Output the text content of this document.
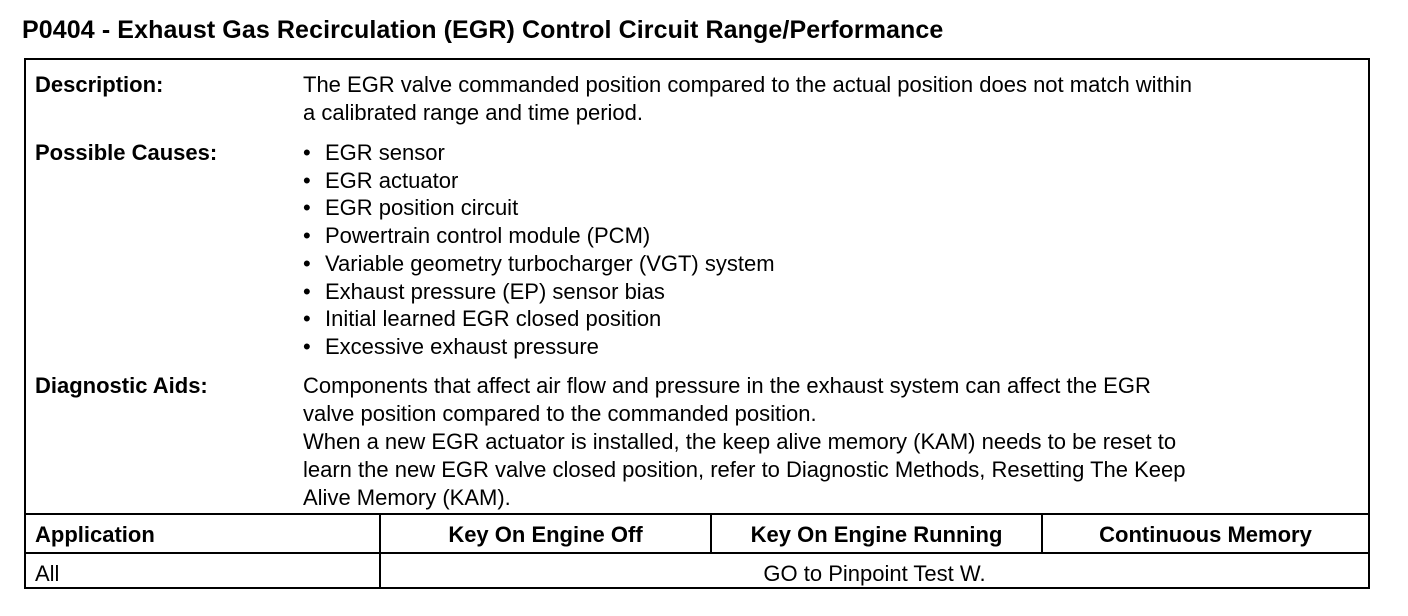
P0404 - Exhaust Gas Recirculation (EGR) Control Circuit Range/Performance
Description:	The EGR valve commanded position compared to the actual position does not match within

a calibrated range and time period.

Possible Causes:
•	EGR sensor
• EGR actuator
• EGR position circuit
• Powertrain control module (PCM)
• Variable geometry turbocharger (VGT) system
• Exhaust pressure (EP) sensor bias
• Initial learned EGR closed position
• Excessive exhaust pressure
Diagnostic Aids:	Components that affect air flow and pressure in the exhaust system can affect the EGR

valve position compared to the commanded position.

When a new EGR actuator is installed, the keep alive memory (KAM) needs to be reset to

learn the new EGR valve closed position, refer to Diagnostic Methods, Resetting The Keep

Alive Memory (KAM).

Application	Key On Engine Off	Key On Engine Running	Continuous Memory
All	GO to Pinpoint Test W.
